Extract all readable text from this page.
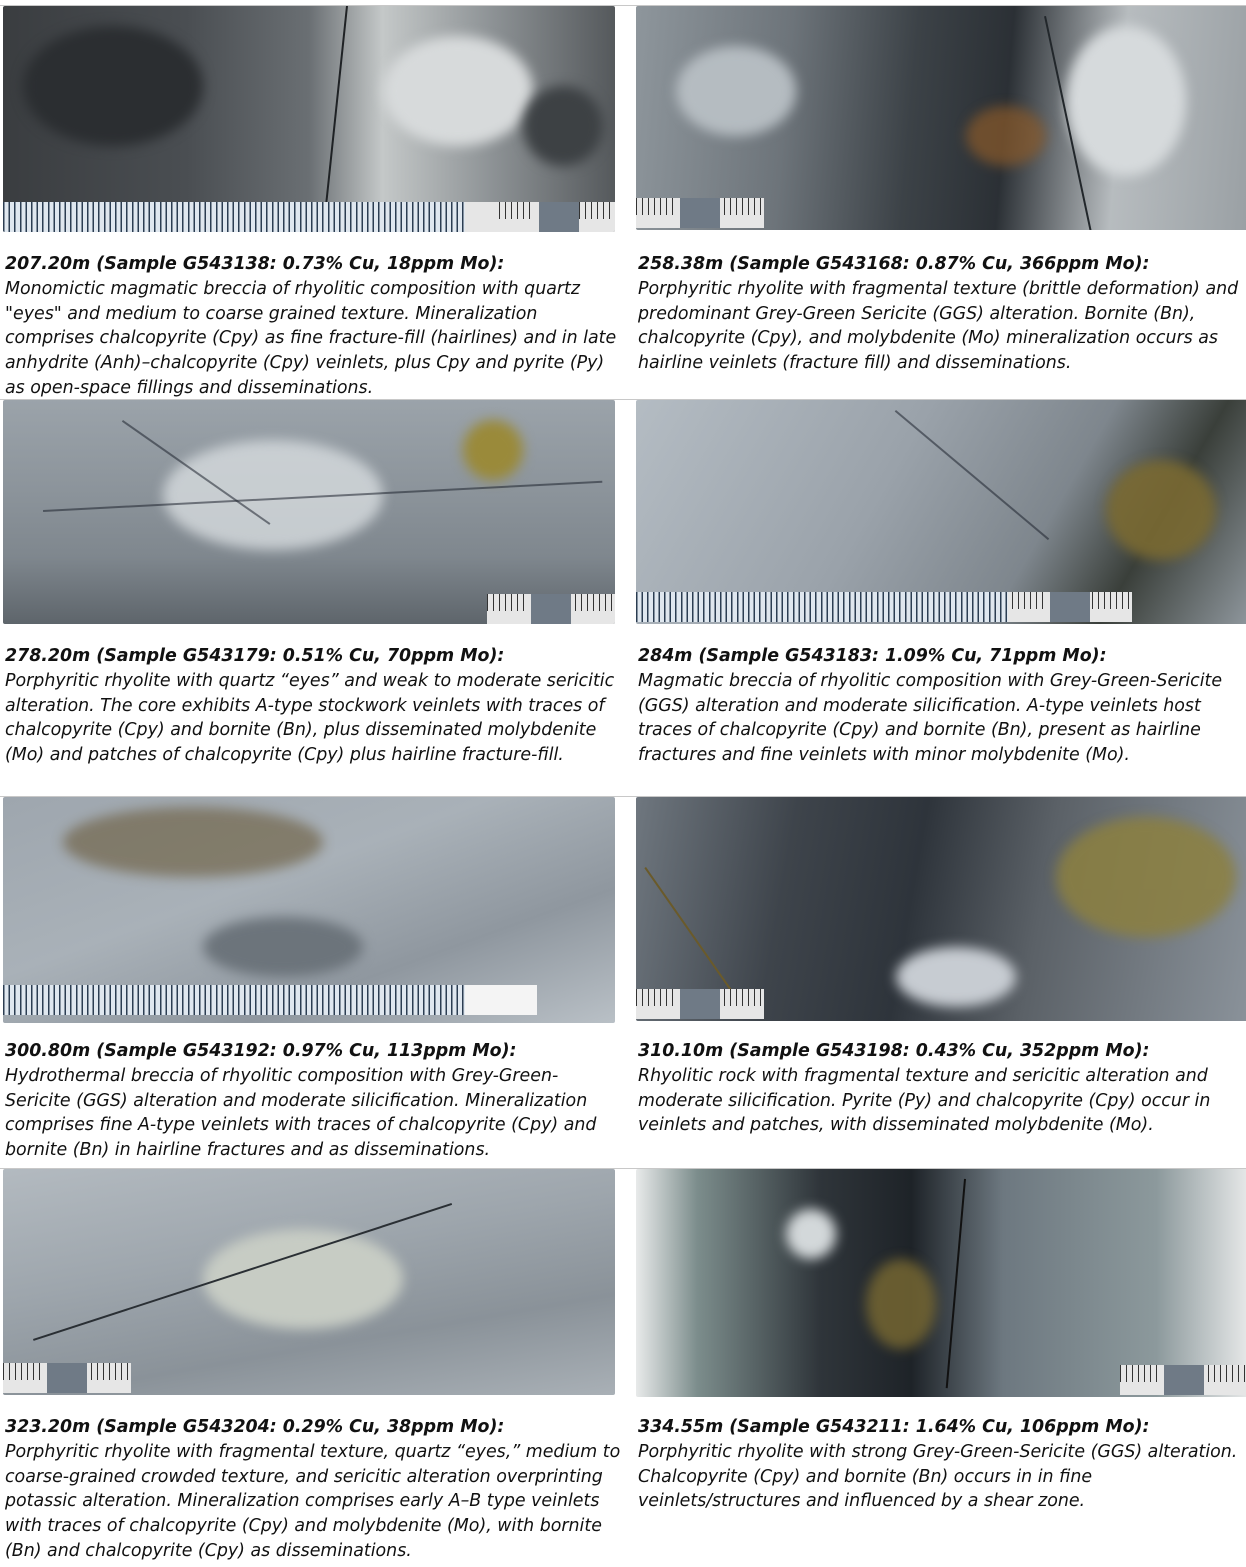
207.20m (Sample G543138: 0.73% Cu, 18ppm Mo):
Monomictic magmatic breccia of rhyolitic composition with quartz "eyes" and medium to coarse grained texture. Mineralization comprises chalcopyrite (Cpy) as fine fracture-fill (hairlines) and in late anhydrite (Anh)–chalcopyrite (Cpy) veinlets, plus Cpy and pyrite (Py) as open-space fillings and disseminations.
258.38m (Sample G543168: 0.87% Cu, 366ppm Mo):
Porphyritic rhyolite with fragmental texture (brittle deformation) and predominant Grey-Green Sericite (GGS) alteration. Bornite (Bn), chalcopyrite (Cpy), and molybdenite (Mo) mineralization occurs as hairline veinlets (fracture fill) and disseminations.
278.20m (Sample G543179: 0.51% Cu, 70ppm Mo):
Porphyritic rhyolite with quartz “eyes” and weak to moderate sericitic alteration. The core exhibits A-type stockwork veinlets with traces of chalcopyrite (Cpy) and bornite (Bn), plus disseminated molybdenite (Mo) and patches of chalcopyrite (Cpy) plus hairline fracture-fill.
284m (Sample G543183: 1.09% Cu, 71ppm Mo):
Magmatic breccia of rhyolitic composition with Grey-Green-Sericite (GGS) alteration and moderate silicification. A-type veinlets host traces of chalcopyrite (Cpy) and bornite (Bn), present as hairline fractures and fine veinlets with minor molybdenite (Mo).
300.80m (Sample G543192: 0.97% Cu, 113ppm Mo):
Hydrothermal breccia of rhyolitic composition with Grey-Green-Sericite (GGS) alteration and moderate silicification. Mineralization comprises fine A-type veinlets with traces of chalcopyrite (Cpy) and bornite (Bn) in hairline fractures and as disseminations.
310.10m (Sample G543198: 0.43% Cu, 352ppm Mo):
Rhyolitic rock with fragmental texture and sericitic alteration and moderate silicification. Pyrite (Py) and chalcopyrite (Cpy) occur in veinlets and patches, with disseminated molybdenite (Mo).
323.20m (Sample G543204: 0.29% Cu, 38ppm Mo):
Porphyritic rhyolite with fragmental texture, quartz “eyes,” medium to coarse-grained crowded texture, and sericitic alteration overprinting potassic alteration. Mineralization comprises early A–B type veinlets with traces of chalcopyrite (Cpy) and molybdenite (Mo), with bornite (Bn) and chalcopyrite (Cpy) as disseminations.
334.55m (Sample G543211: 1.64% Cu, 106ppm Mo):
Porphyritic rhyolite with strong Grey-Green-Sericite (GGS) alteration. Chalcopyrite (Cpy) and bornite (Bn) occurs in in fine veinlets/structures and influenced by a shear zone.
